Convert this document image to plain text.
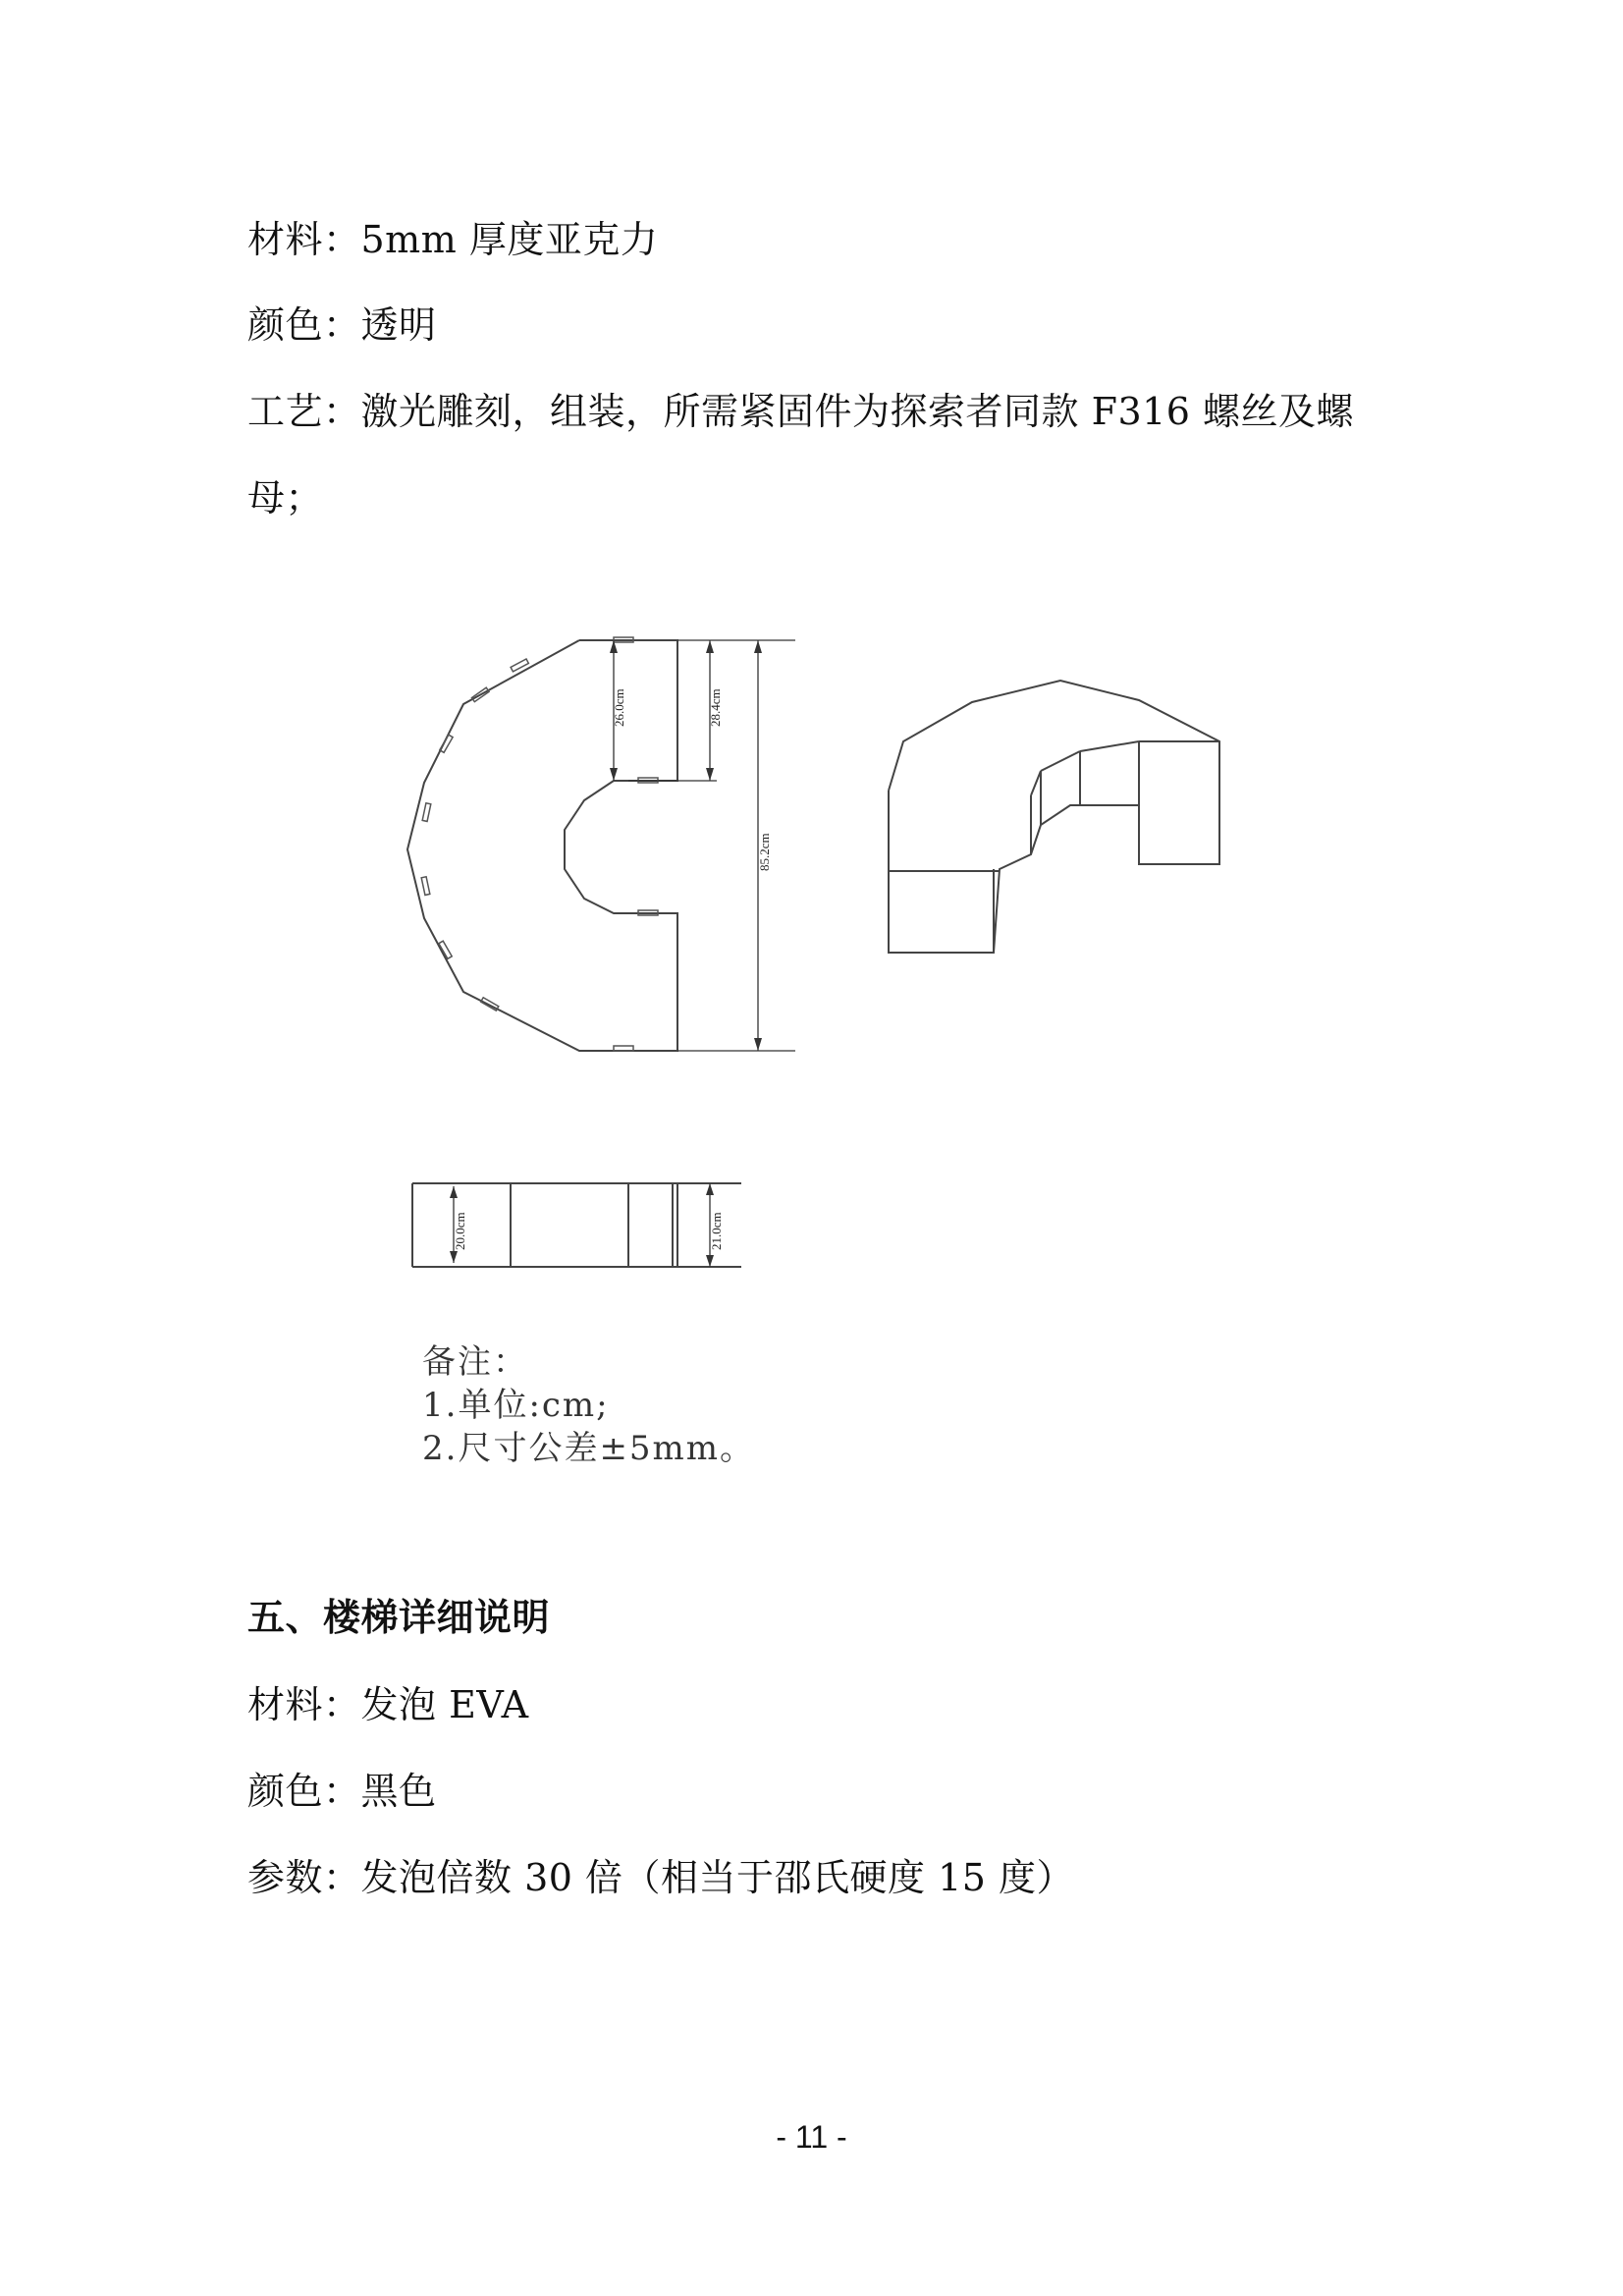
材料：5mm 厚度亚克力
颜色：透明
工艺：激光雕刻，组装，所需紧固件为探索者同款 F316 螺丝及螺
母；
26.0cm	28.4cm
85.2cm
20.0cm	21.0cm
备注：
1.单位:cm;
2.尺寸公差±5mm。
五、楼梯详细说明
材料：发泡 EVA
颜色：黑色
参数：发泡倍数 30 倍（相当于邵氏硬度 15 度）
- 11 -
